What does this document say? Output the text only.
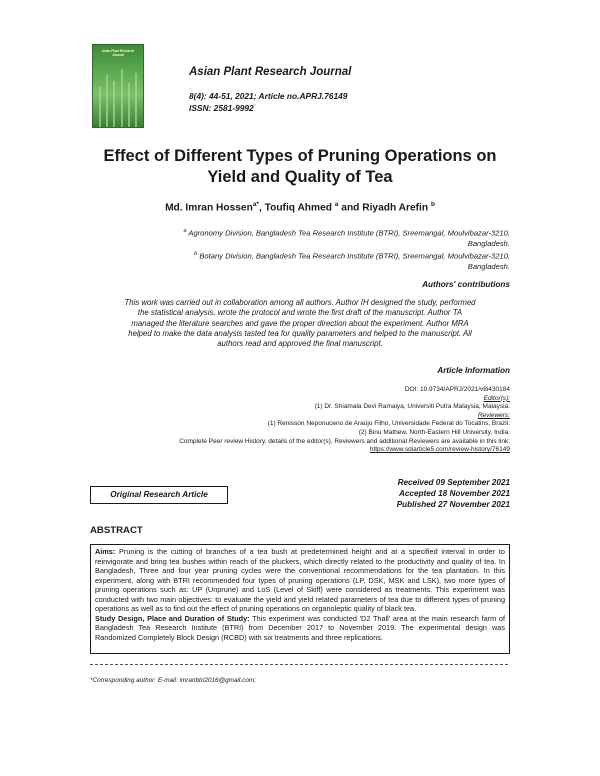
Asian Plant Research
Journal
Asian Plant Research Journal
8(4): 44-51, 2021; Article no.APRJ.76149
ISSN: 2581-9992
Effect of Different Types of Pruning Operations on
Yield and Quality of Tea
Md. Imran Hossen$^{a*}$, Toufiq Ahmed $^a$ and Riyadh Arefin $^b$
$^a$ Agronomy Division, Bangladesh Tea Research Institute (BTRI), Sreemangal, Moulvibazar-3210,
Bangladesh.
$^b$ Botany Division, Bangladesh Tea Research Institute (BTRI), Sreemangal, Moulvibazar-3210,
Bangladesh.
Authors' contributions
This work was carried out in collaboration among all authors. Author IH designed the study, performed
the statistical analysis, wrote the protocol and wrote the first draft of the manuscript. Author TA
managed the literature searches and gave the proper direction about the experiment. Author MRA
helped to make the data analysis tasted tea for quality parameters and helped to the manuscript. All
authors read and approved the final manuscript.
Article Information
DOI: 10.9734/APRJ/2021/v8i430184
Editor(s):
(1) Dr. Shiamala Devi Ramaiya, Universiti Putra Malaysia, Malaysia.
Reviewers:
(1) Renisson Neponuceno de Araújo Filho, Universidade Federal do Tocatins, Brazil.
(2) Binu Mathew, North-Eastern Hill University, India.
Complete Peer review History, details of the editor(s), Reviewers and additional Reviewers are available in this link:
https://www.sdiarticle5.com/review-history/76149
Original Research Article
Received 09 September 2021
Accepted 18 November 2021
Published 27 November 2021
ABSTRACT
Aims: Pruning is the cutting of branches of a tea bush at predetermined height and at a specified interval in order to reinvigorate and bring tea bushes within reach of the pluckers, which directly related to the productivity and quality of tea. In Bangladesh, Three and four year pruning cycles were the conventional recommendations for the tea plantation. In this experiment, along with BTRI recommended four types of pruning operations (LP, DSK, MSK and LSK), two more types of pruning operations such as: UP (Unprune) and LoS (Level of Skiff) were considered as treatments. This experiment was conducted with two main objectives: to evaluate the yield and yield related parameters of tea due to different types of pruning operations as well as to find out the effect of pruning operations on organoleptic quality of black tea.
Study Design, Place and Duration of Study: This experiment was conducted 'D2 Thall' area at the main research farm of Bangladesh Tea Research Institute (BTRI) from December 2017 to November 2019. The experimental design was Randomized Completely Block Design (RCBD) with six treatments and three replications.
*Corresponding author: E-mail: imranbtri2016@gmail.com;
